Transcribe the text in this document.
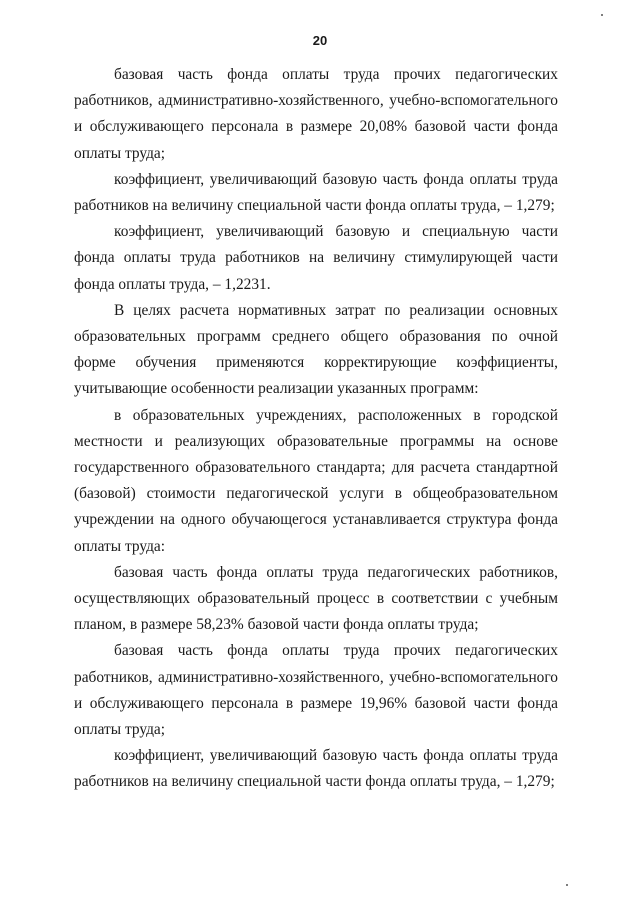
20

базовая часть фонда оплаты труда прочих педагогических работников, административно-хозяйственного, учебно-вспомогательного и обслуживающего персонала в размере 20,08% базовой части фонда оплаты труда;

коэффициент, увеличивающий базовую часть фонда оплаты труда работников на величину специальной части фонда оплаты труда, – 1,279;

коэффициент, увеличивающий базовую и специальную части фонда оплаты труда работников на величину стимулирующей части фонда оплаты труда, – 1,2231.

В целях расчета нормативных затрат по реализации основных образовательных программ среднего общего образования по очной форме обучения применяются корректирующие коэффициенты, учитывающие особенности реализации указанных программ:

в образовательных учреждениях, расположенных в городской местности и реализующих образовательные программы на основе государственного образовательного стандарта; для расчета стандартной (базовой) стоимости педагогической услуги в общеобразовательном учреждении на одного обучающегося устанавливается структура фонда оплаты труда:

базовая часть фонда оплаты труда педагогических работников, осуществляющих образовательный процесс в соответствии с учебным планом, в размере 58,23% базовой части фонда оплаты труда;

базовая часть фонда оплаты труда прочих педагогических работников, административно-хозяйственного, учебно-вспомогательного и обслуживающего персонала в размере 19,96% базовой части фонда оплаты труда;

коэффициент, увеличивающий базовую часть фонда оплаты труда работников на величину специальной части фонда оплаты труда, – 1,279;
